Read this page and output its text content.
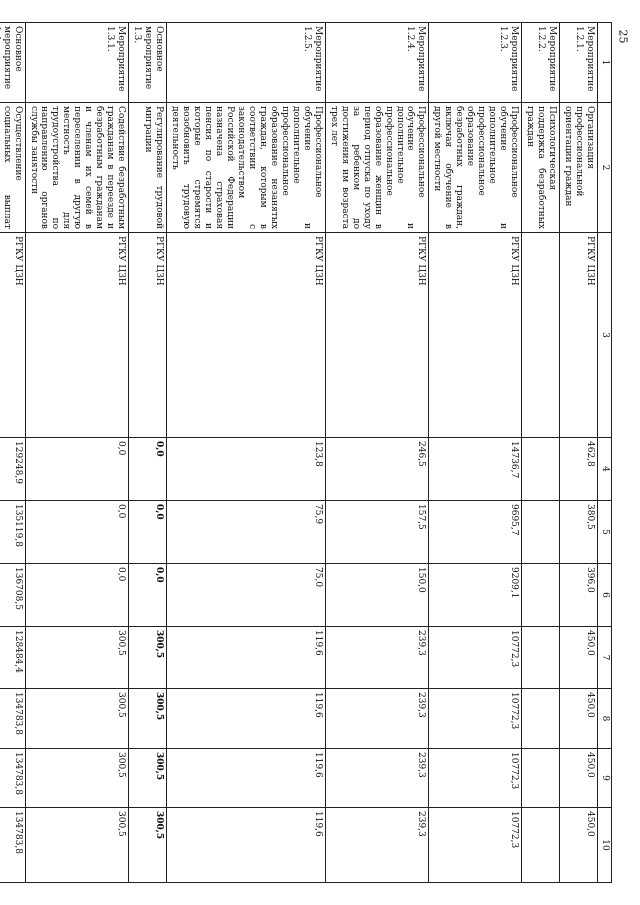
25
1	2	3	4	5	6	7	8	9	10
Мероприятие 1.2.1.	Организация профессиональной ориентации граждан	РГКУ ЦЗН	462,8	380,5	396,0	450,0	450,0	450,0	450,0
Мероприятие 1.2.2.	Психологическая поддержка безработных граждан								
Мероприятие 1.2.3.	Профессиональное обучение и дополнительное профессиональное образование безработных граждан, включая обучение в другой местности	РГКУ ЦЗН	14736,7	9695,7	9209,1	10772,3	10772,3	10772,3	10772,3
Мероприятие 1.2.4.	Профессиональное обучение и дополнительное профессиональное образование женщин в период отпуска по уходу за ребенком до достижения им возраста трех лет	РГКУ ЦЗН	246,5	157,5	150,0	239,3	239,3	239,3	239,3
Мероприятие 1.2.5.	Профессиональное обучение и дополнительное профессиональное образование незанятых граждан, которым в соответствии с законодательством Российской Федерации назначена страховая пенсия по старости и которые стремятся возобновить трудовую деятельность	РГКУ ЦЗН	123,8	75,9	75,0	119,6	119,6	119,6	119,6
Основное мероприятие 1.3.	Регулирование трудовой миграции	РГКУ ЦЗН	0,0	0,0	0,0	300,5	300,5	300,5	300,5
Мероприятие 1.3.1.	Содействие безработным гражданам в переезде и безработным гражданам и членам их семей в переселении в другую местность для трудоустройства по направлению органов службы занятости	РГКУ ЦЗН	0,0	0,0	0,0	300,5	300,5	300,5	300,5
Основное мероприятие	Осуществление социальных выплат	РГКУ ЦЗН	129248,9	135119,8	136708,5	128484,4	134783,8	134783,8	134783,8
